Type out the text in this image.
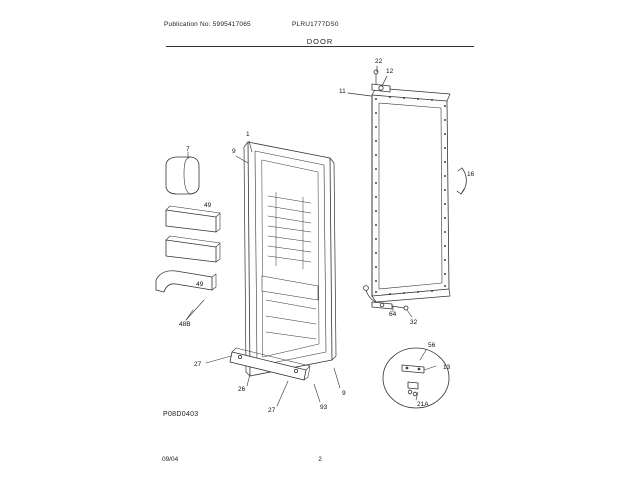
Publication No: 5995417065	PLRU1777DS0
DOOR
1
7	9
22
12
11
16
49
49
48B
27
26
27	93
9
64
32
56
13
21A
P08D0403
09/04	2
